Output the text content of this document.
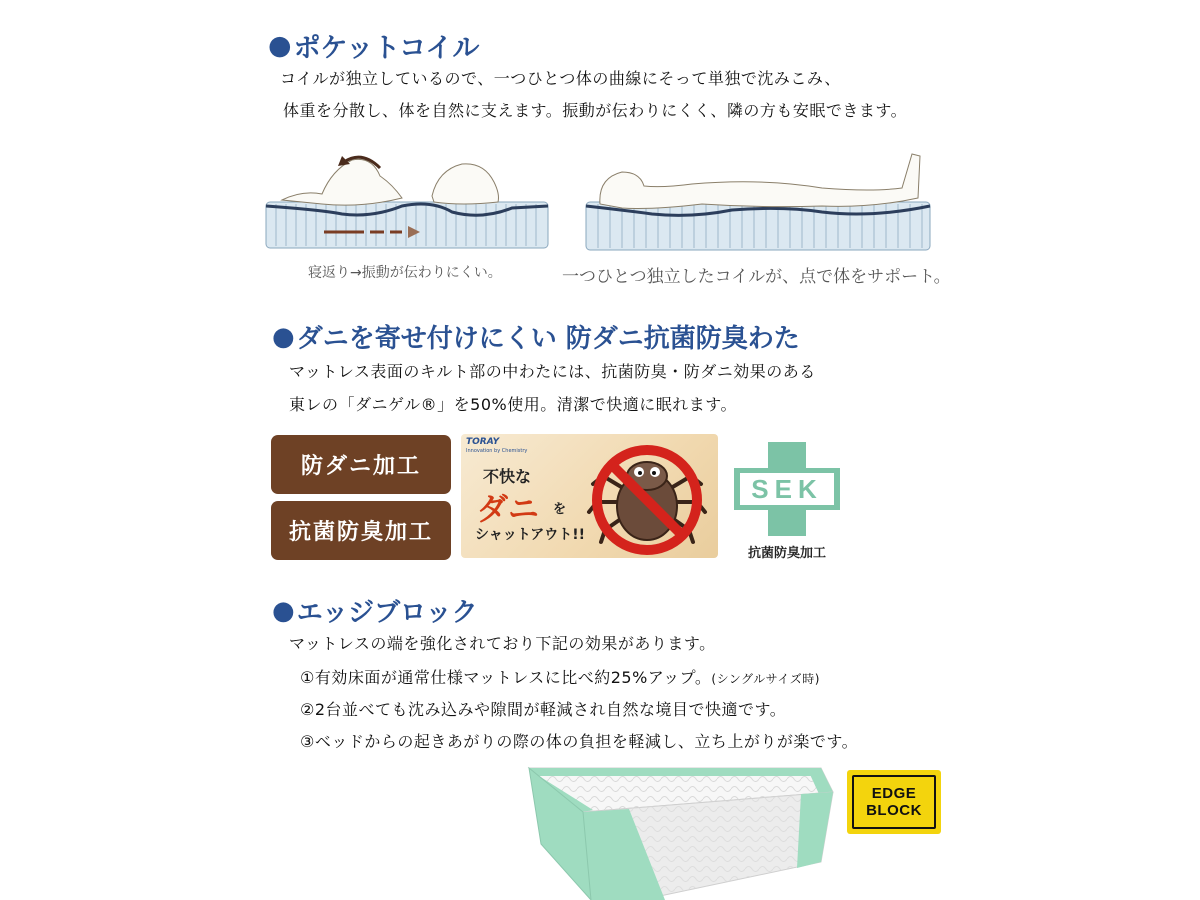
● ポケットコイル
コイルが独立しているので、一つひとつ体の曲線にそって単独で沈みこみ、
体重を分散し、体を自然に支えます。振動が伝わりにくく、隣の方も安眠できます。
寝返り→振動が伝わりにくい。	一つひとつ独立したコイルが、点で体をサポート。
● ダニを寄せ付けにくい 防ダニ抗菌防臭わた
マットレス表面のキルト部の中わたには、抗菌防臭・防ダニ効果のある
東レの「ダニゲル®」を50%使用。清潔で快適に眠れます。
防ダニ加工
抗菌防臭加工
TORAY
Innovation by Chemistry
不快な
ダニ を
シャットアウト!!
SEK
抗菌防臭加工
● エッジブロック
マットレスの端を強化されており下記の効果があります。
①有効床面が通常仕様マットレスに比べ約25%アップ。(シングルサイズ時)
②2台並べても沈み込みや隙間が軽減され自然な境目で快適です。
③ベッドからの起きあがりの際の体の負担を軽減し、立ち上がりが楽です。
EDGE
BLOCK
